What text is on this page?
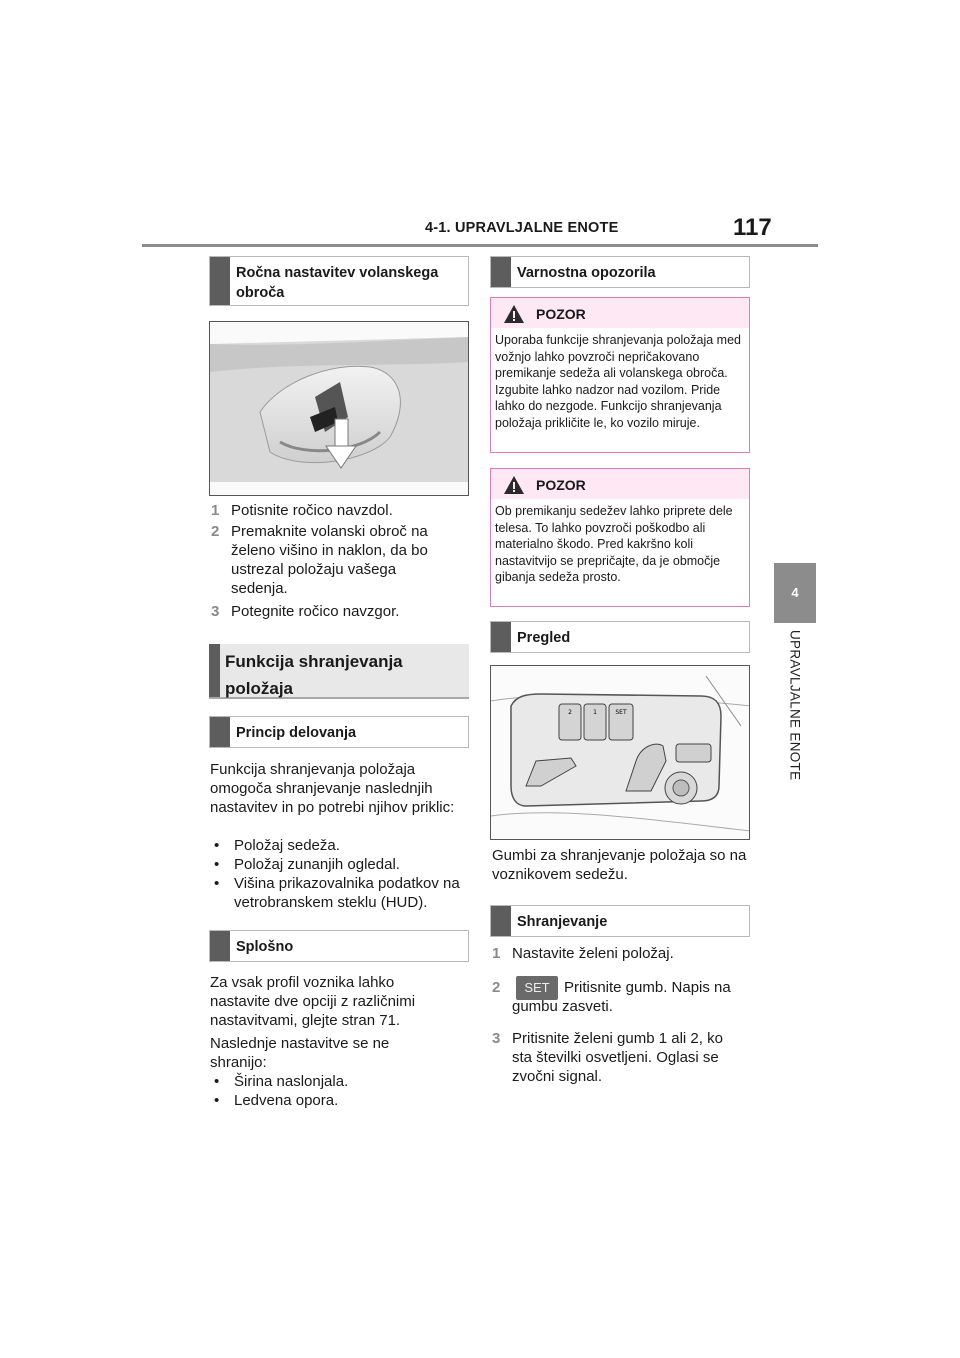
4-1. UPRAVLJALNE ENOTE	117
4
UPRAVLJALNE ENOTE
Ročna nastavitev volanskega obroča
1 Potisnite ročico navzdol.
2 Premaknite volanski obroč na želeno višino in naklon, da bo ustrezal položaju vašega sedenja.
3 Potegnite ročico navzgor.
Funkcija shranjevanja položaja
Princip delovanja
Funkcija shranjevanja položaja omogoča shranjevanje naslednjih nastavitev in po potrebi njihov priklic:
• Položaj sedeža.
• Položaj zunanjih ogledal.
• Višina prikazovalnika podatkov na vetrobranskem steklu (HUD).
Splošno
Za vsak profil voznika lahko nastavite dve opciji z različnimi nastavitvami, glejte stran 71.
Naslednje nastavitve se ne shranijo:
• Širina naslonjala.
• Ledvena opora.
Varnostna opozorila
POZOR
Uporaba funkcije shranjevanja položaja med vožnjo lahko povzroči nepričakovano premikanje sedeža ali volanskega obroča. Izgubite lahko nadzor nad vozilom. Pride lahko do nezgode. Funkcijo shranjevanja položaja prikličite le, ko vozilo miruje.
POZOR
Ob premikanju sedežev lahko priprete dele telesa. To lahko povzroči poškodbo ali materialno škodo. Pred kakršno koli nastavitvijo se prepričajte, da je območje gibanja sedeža prosto.
Pregled
2	1	SET
Gumbi za shranjevanje položaja so na voznikovem sedežu.
Shranjevanje
1 Nastavite želeni položaj.
2	SET Pritisnite gumb. Napis na gumbu zasveti.
3 Pritisnite želeni gumb 1 ali 2, ko sta številki osvetljeni. Oglasi se zvočni signal.
